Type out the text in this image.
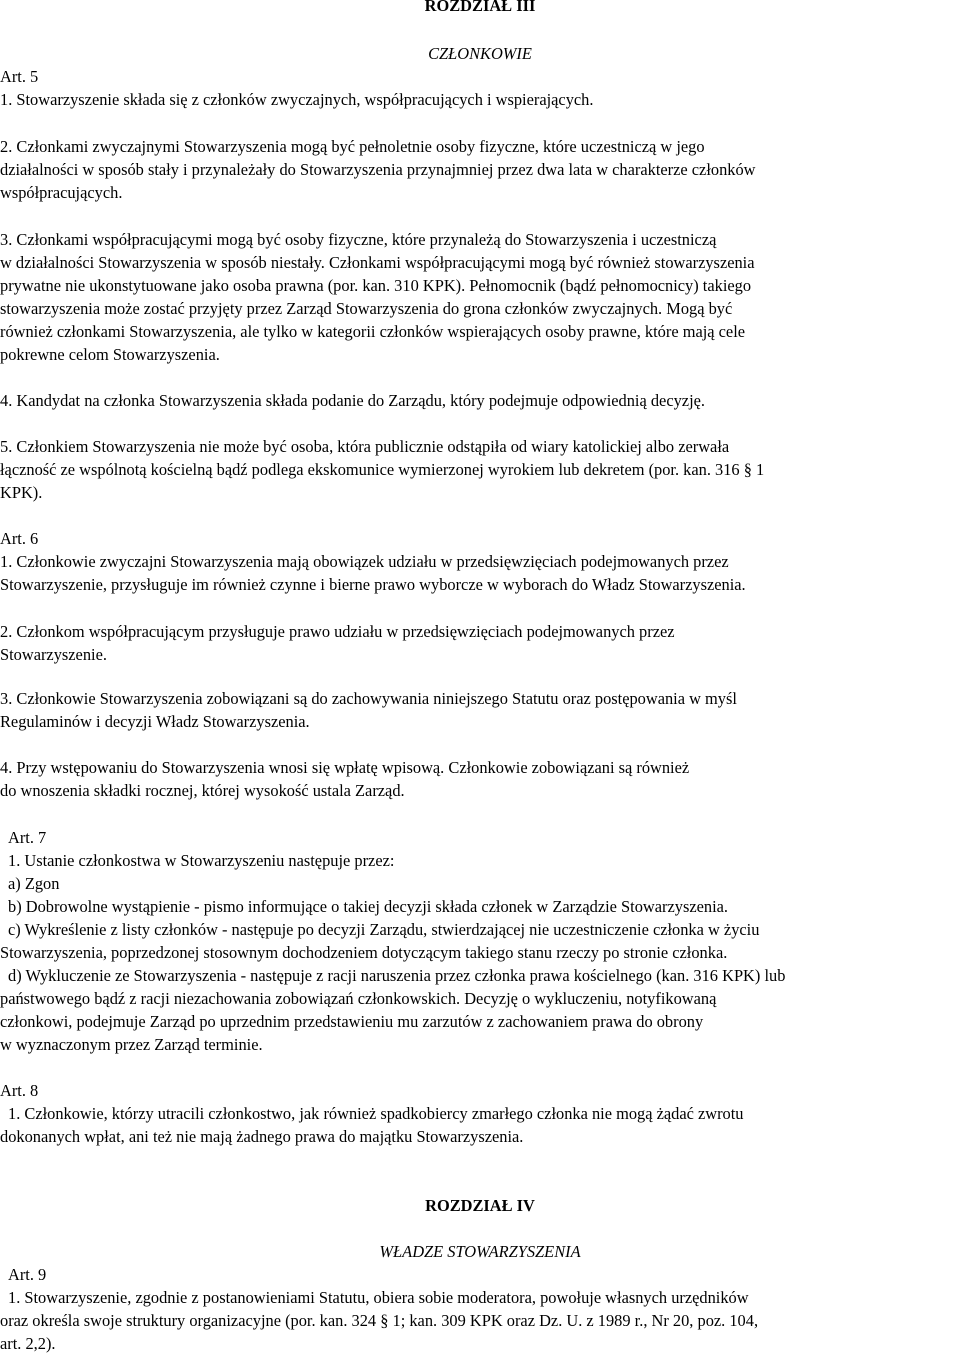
ROZDZIAŁ III
CZŁONKOWIE
Art. 5
1. Stowarzyszenie składa się z członków zwyczajnych, współpracujących i wspierających.
2. Członkami zwyczajnymi Stowarzyszenia mogą być pełnoletnie osoby fizyczne, które uczestniczą w jego
działalności w sposób stały i przynależały do Stowarzyszenia przynajmniej przez dwa lata w charakterze członków
współpracujących.
3. Członkami współpracującymi mogą być osoby fizyczne, które przynależą do Stowarzyszenia i uczestniczą
w działalności Stowarzyszenia w sposób niestały. Członkami współpracującymi mogą być również stowarzyszenia
prywatne nie ukonstytuowane jako osoba prawna (por. kan. 310 KPK). Pełnomocnik (bądź pełnomocnicy) takiego
stowarzyszenia może zostać przyjęty przez Zarząd Stowarzyszenia do grona członków zwyczajnych. Mogą być
również członkami Stowarzyszenia, ale tylko w kategorii członków wspierających osoby prawne, które mają cele
pokrewne celom Stowarzyszenia.
4. Kandydat na członka Stowarzyszenia składa podanie do Zarządu, który podejmuje odpowiednią decyzję.
5. Członkiem Stowarzyszenia nie może być osoba, która publicznie odstąpiła od wiary katolickiej albo zerwała
łączność ze wspólnotą kościelną bądź podlega ekskomunice wymierzonej wyrokiem lub dekretem (por. kan. 316 § 1
KPK).
Art. 6
1. Członkowie zwyczajni Stowarzyszenia mają obowiązek udziału w przedsięwzięciach podejmowanych przez
Stowarzyszenie, przysługuje im również czynne i bierne prawo wyborcze w wyborach do Władz Stowarzyszenia.
2. Członkom współpracującym przysługuje prawo udziału w przedsięwzięciach podejmowanych przez
Stowarzyszenie.
3. Członkowie Stowarzyszenia zobowiązani są do zachowywania niniejszego Statutu oraz postępowania w myśl
Regulaminów i decyzji Władz Stowarzyszenia.
4. Przy wstępowaniu do Stowarzyszenia wnosi się wpłatę wpisową. Członkowie zobowiązani są również
do wnoszenia składki rocznej, której wysokość ustala Zarząd.
Art. 7
1. Ustanie członkostwa w Stowarzyszeniu następuje przez:
a) Zgon
b) Dobrowolne wystąpienie - pismo informujące o takiej decyzji składa członek w Zarządzie Stowarzyszenia.
c) Wykreślenie z listy członków - następuje po decyzji Zarządu, stwierdzającej nie uczestniczenie członka w życiu
Stowarzyszenia, poprzedzonej stosownym dochodzeniem dotyczącym takiego stanu rzeczy po stronie członka.
d) Wykluczenie ze Stowarzyszenia - następuje z racji naruszenia przez członka prawa kościelnego (kan. 316 KPK) lub
państwowego bądź z racji niezachowania zobowiązań członkowskich. Decyzję o wykluczeniu, notyfikowaną
członkowi, podejmuje Zarząd po uprzednim przedstawieniu mu zarzutów z zachowaniem prawa do obrony
w wyznaczonym przez Zarząd terminie.
Art. 8
1. Członkowie, którzy utracili członkostwo, jak również spadkobiercy zmarłego członka nie mogą żądać zwrotu
dokonanych wpłat, ani też nie mają żadnego prawa do majątku Stowarzyszenia.
ROZDZIAŁ IV
WŁADZE STOWARZYSZENIA
Art. 9
1. Stowarzyszenie, zgodnie z postanowieniami Statutu, obiera sobie moderatora, powołuje własnych urzędników
oraz określa swoje struktury organizacyjne (por. kan. 324 § 1; kan. 309 KPK oraz Dz. U. z 1989 r., Nr 20, poz. 104,
art. 2,2).
